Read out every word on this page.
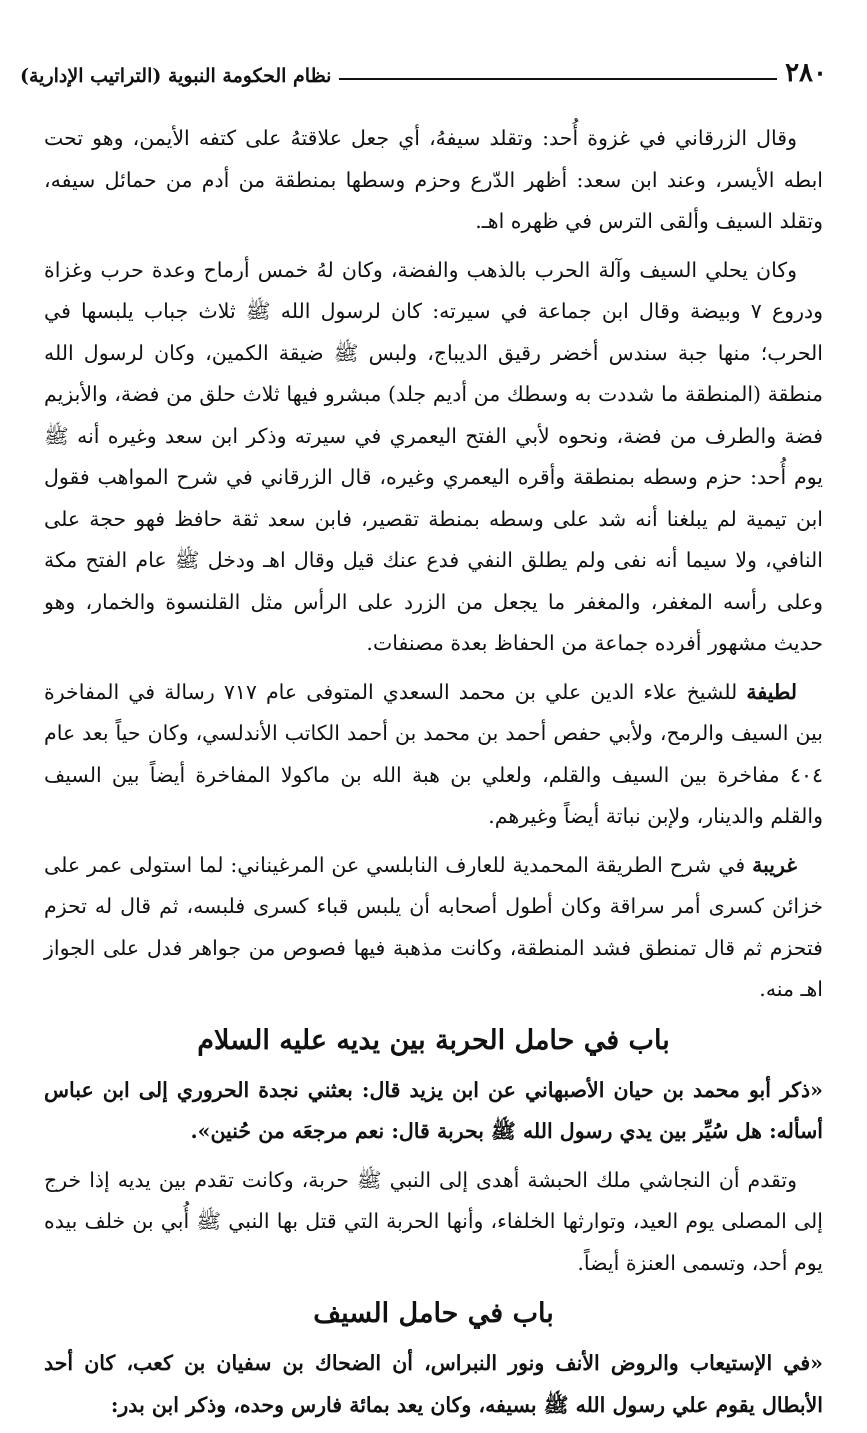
٢٨٠
نظام الحكومة النبوية (التراتيب الإدارية)

وقال الزرقاني في غزوة أُحد: وتقلد سيفهُ، أي جعل علاقتهُ على كتفه الأيمن، وهو تحت ابطه الأيسر، وعند ابن سعد: أظهر الدّرع وحزم وسطها بمنطقة من أدم من حمائل سيفه، وتقلد السيف وألقى الترس في ظهره اهـ.

وكان يحلي السيف وآلة الحرب بالذهب والفضة، وكان لهُ خمس أرماح وعدة حرب وغزاة ودروع ٧ وبيضة وقال ابن جماعة في سيرته: كان لرسول الله ﷺ ثلاث جباب يلبسها في الحرب؛ منها جبة سندس أخضر رقيق الديباج، ولبس ﷺ ضيقة الكمين، وكان لرسول الله منطقة (المنطقة ما شددت به وسطك من أديم جلد) مبشرو فيها ثلاث حلق من فضة، والأبزيم فضة والطرف من فضة، ونحوه لأبي الفتح اليعمري في سيرته وذكر ابن سعد وغيره أنه ﷺ يوم أُحد: حزم وسطه بمنطقة وأقره اليعمري وغيره، قال الزرقاني في شرح المواهب فقول ابن تيمية لم يبلغنا أنه شد على وسطه بمنطة تقصير، فابن سعد ثقة حافظ فهو حجة على النافي، ولا سيما أنه نفى ولم يطلق النفي فدع عنك قيل وقال اهـ ودخل ﷺ عام الفتح مكة وعلى رأسه المغفر، والمغفر ما يجعل من الزرد على الرأس مثل القلنسوة والخمار، وهو حديث مشهور أفرده جماعة من الحفاظ بعدة مصنفات.

لطيفة للشيخ علاء الدين علي بن محمد السعدي المتوفى عام ٧١٧ رسالة في المفاخرة بين السيف والرمح، ولأبي حفص أحمد بن محمد بن أحمد الكاتب الأندلسي، وكان حياً بعد عام ٤٠٤ مفاخرة بين السيف والقلم، ولعلي بن هبة الله بن ماكولا المفاخرة أيضاً بين السيف والقلم والدينار، ولإبن نباتة أيضاً وغيرهم.

غريبة في شرح الطريقة المحمدية للعارف النابلسي عن المرغيناني: لما استولى عمر على خزائن كسرى أمر سراقة وكان أطول أصحابه أن يلبس قباء كسرى فلبسه، ثم قال له تحزم فتحزم ثم قال تمنطق فشد المنطقة، وكانت مذهبة فيها فصوص من جواهر فدل على الجواز اهـ منه.

باب في حامل الحربة بين يديه عليه السلام

«ذكر أبو محمد بن حيان الأصبهاني عن ابن يزيد قال: بعثني نجدة الحروري إلى ابن عباس أسأله: هل سُيِّر بين يدي رسول الله ﷺ بحربة قال: نعم مرجعَه من حُنين».

وتقدم أن النجاشي ملك الحبشة أهدى إلى النبي ﷺ حربة، وكانت تقدم بين يديه إذا خرج إلى المصلى يوم العيد، وتوارثها الخلفاء، وأنها الحربة التي قتل بها النبي ﷺ أُبي بن خلف بيده يوم أحد، وتسمى العنزة أيضاً.

باب في حامل السيف

«في الإستيعاب والروض الأنف ونور النبراس، أن الضحاك بن سفيان بن كعب، كان أحد الأبطال يقوم علي رسول الله ﷺ بسيفه، وكان يعد بمائة فارس وحده، وذكر ابن بدر:
